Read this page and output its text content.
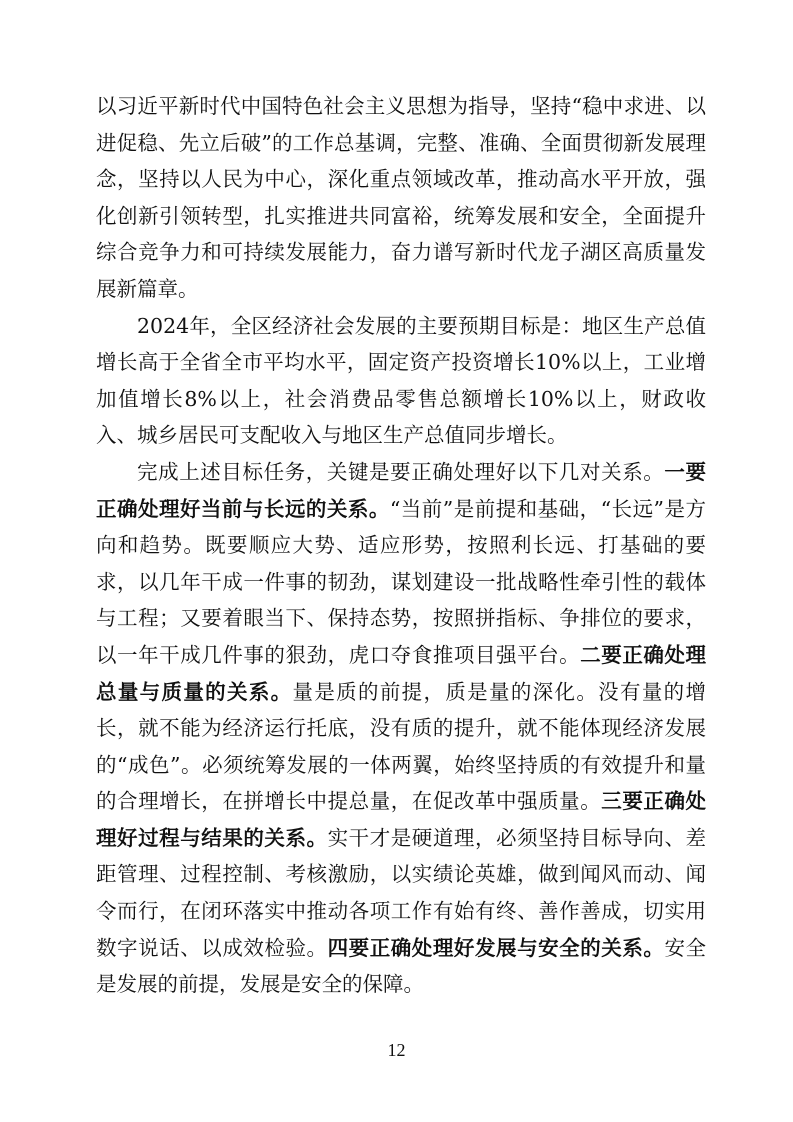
以习近平新时代中国特色社会主义思想为指导，坚持“稳中求进、以进促稳、先立后破”的工作总基调，完整、准确、全面贯彻新发展理念，坚持以人民为中心，深化重点领域改革，推动高水平开放，强化创新引领转型，扎实推进共同富裕，统筹发展和安全，全面提升综合竞争力和可持续发展能力，奋力谱写新时代龙子湖区高质量发展新篇章。

2024年，全区经济社会发展的主要预期目标是：地区生产总值增长高于全省全市平均水平，固定资产投资增长10%以上，工业增加值增长8%以上，社会消费品零售总额增长10%以上，财政收入、城乡居民可支配收入与地区生产总值同步增长。

完成上述目标任务，关键是要正确处理好以下几对关系。一要正确处理好当前与长远的关系。“当前”是前提和基础，“长远”是方向和趋势。既要顺应大势、适应形势，按照利长远、打基础的要求，以几年干成一件事的韧劲，谋划建设一批战略性牵引性的载体与工程；又要着眼当下、保持态势，按照拼指标、争排位的要求，以一年干成几件事的狠劲，虎口夺食推项目强平台。二要正确处理总量与质量的关系。量是质的前提，质是量的深化。没有量的增长，就不能为经济运行托底，没有质的提升，就不能体现经济发展的“成色”。必须统筹发展的一体两翼，始终坚持质的有效提升和量的合理增长，在拼增长中提总量，在促改革中强质量。三要正确处理好过程与结果的关系。实干才是硬道理，必须坚持目标导向、差距管理、过程控制、考核激励，以实绩论英雄，做到闻风而动、闻令而行，在闭环落实中推动各项工作有始有终、善作善成，切实用数字说话、以成效检验。四要正确处理好发展与安全的关系。安全是发展的前提，发展是安全的保障。

12
